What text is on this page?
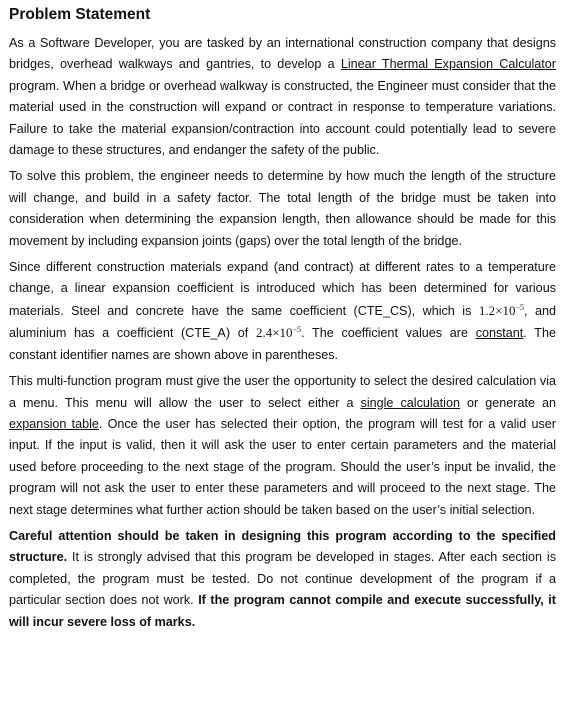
Problem Statement

As a Software Developer, you are tasked by an international construction company that designs bridges, overhead walkways and gantries, to develop a Linear Thermal Expansion Calculator program. When a bridge or overhead walkway is constructed, the Engineer must consider that the material used in the construction will expand or contract in response to temperature variations. Failure to take the material expansion/contraction into account could potentially lead to severe damage to these structures, and endanger the safety of the public.

To solve this problem, the engineer needs to determine by how much the length of the structure will change, and build in a safety factor. The total length of the bridge must be taken into consideration when determining the expansion length, then allowance should be made for this movement by including expansion joints (gaps) over the total length of the bridge.

Since different construction materials expand (and contract) at different rates to a temperature change, a linear expansion coefficient is introduced which has been determined for various materials. Steel and concrete have the same coefficient (CTE_CS), which is $1.2\times 10^{-5}$, and aluminium has a coefficient (CTE_A) of $2.4\times 10^{-5}$. The coefficient values are constant. The constant identifier names are shown above in parentheses.

This multi-function program must give the user the opportunity to select the desired calculation via a menu. This menu will allow the user to select either a single calculation or generate an expansion table. Once the user has selected their option, the program will test for a valid user input. If the input is valid, then it will ask the user to enter certain parameters and the material used before proceeding to the next stage of the program. Should the user’s input be invalid, the program will not ask the user to enter these parameters and will proceed to the next stage. The next stage determines what further action should be taken based on the user’s initial selection.

Careful attention should be taken in designing this program according to the specified structure. It is strongly advised that this program be developed in stages. After each section is completed, the program must be tested. Do not continue development of the program if a particular section does not work. If the program cannot compile and execute successfully, it will incur severe loss of marks.
